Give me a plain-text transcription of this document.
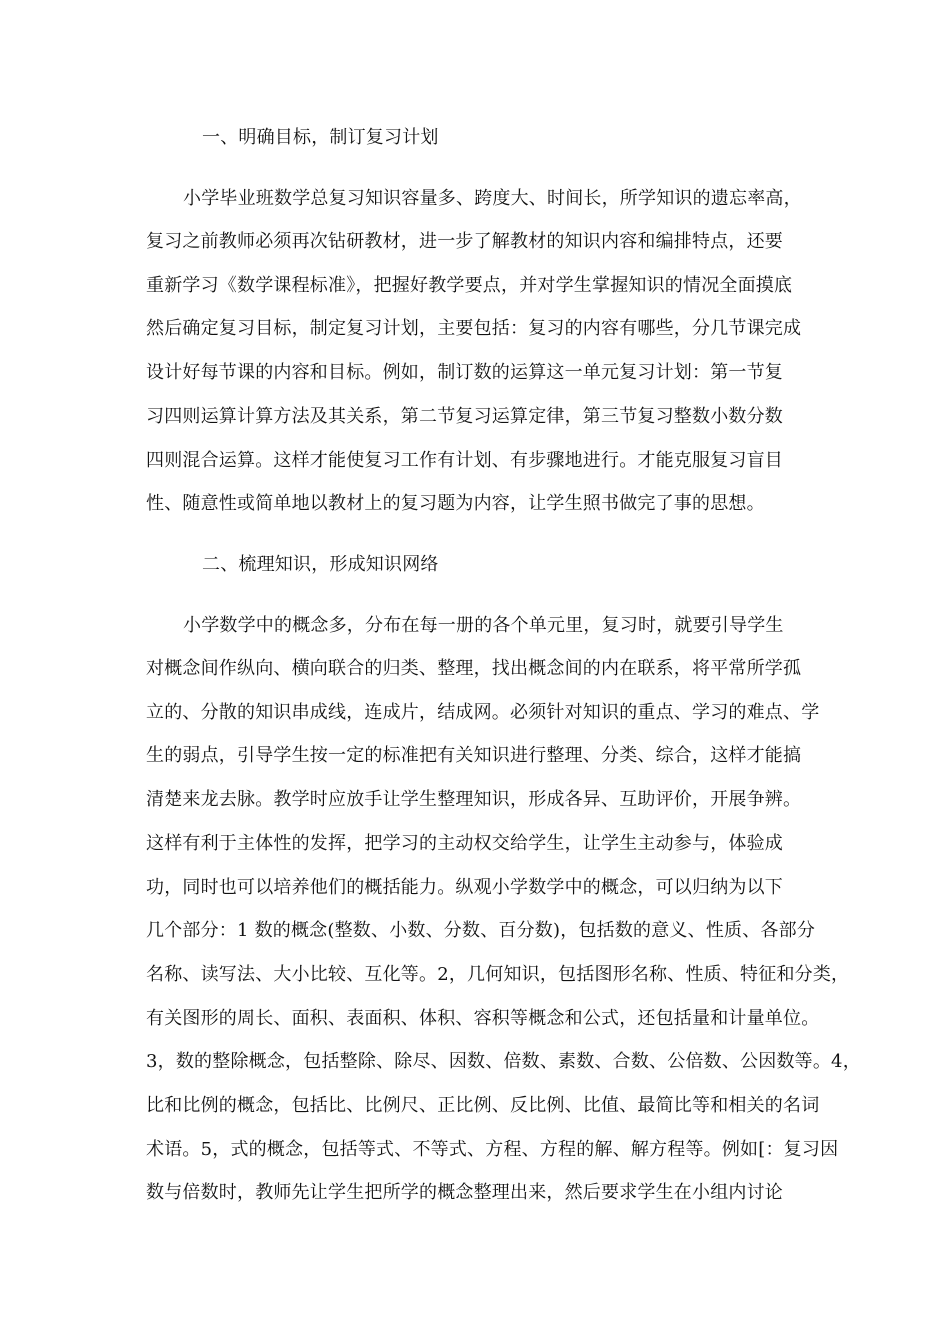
一、明确目标，制订复习计划
小学毕业班数学总复习知识容量多、跨度大、时间长，所学知识的遗忘率高，
复习之前教师必须再次钻研教材，进一步了解教材的知识内容和编排特点，还要
重新学习《数学课程标准》，把握好教学要点，并对学生掌握知识的情况全面摸底
然后确定复习目标，制定复习计划，主要包括：复习的内容有哪些，分几节课完成
设计好每节课的内容和目标。例如，制订数的运算这一单元复习计划：第一节复
习四则运算计算方法及其关系，第二节复习运算定律，第三节复习整数小数分数
四则混合运算。这样才能使复习工作有计划、有步骤地进行。才能克服复习盲目
性、随意性或简单地以教材上的复习题为内容，让学生照书做完了事的思想。
二、梳理知识，形成知识网络
小学数学中的概念多，分布在每一册的各个单元里，复习时，就要引导学生
对概念间作纵向、横向联合的归类、整理，找出概念间的内在联系，将平常所学孤
立的、分散的知识串成线，连成片，结成网。必须针对知识的重点、学习的难点、学
生的弱点，引导学生按一定的标准把有关知识进行整理、分类、综合，这样才能搞
清楚来龙去脉。教学时应放手让学生整理知识，形成各异、互助评价，开展争辨。
这样有利于主体性的发挥，把学习的主动权交给学生，让学生主动参与，体验成
功，同时也可以培养他们的概括能力。纵观小学数学中的概念，可以归纳为以下
几个部分：1 数的概念(整数、小数、分数、百分数)，包括数的意义、性质、各部分
名称、读写法、大小比较、互化等。2，几何知识，包括图形名称、性质、特征和分类，
有关图形的周长、面积、表面积、体积、容积等概念和公式，还包括量和计量单位。
3，数的整除概念，包括整除、除尽、因数、倍数、素数、合数、公倍数、公因数等。4，
比和比例的概念，包括比、比例尺、正比例、反比例、比值、最简比等和相关的名词
术语。5，式的概念，包括等式、不等式、方程、方程的解、解方程等。例如[：复习因
数与倍数时，教师先让学生把所学的概念整理出来，然后要求学生在小组内讨论
